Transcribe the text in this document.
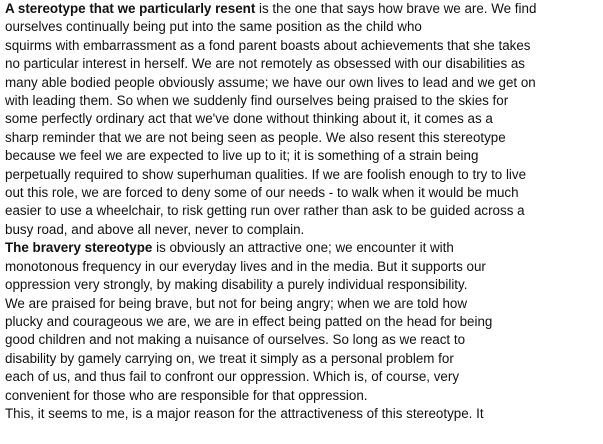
A stereotype that we particularly resent is the one that says how brave we are. We find

ourselves continually being put into the same position as the child who

squirms with embarrassment as a fond parent boasts about achievements that she takes

no particular interest in herself. We are not remotely as obsessed with our disabilities as

many able bodied people obviously assume; we have our own lives to lead and we get on

with leading them. So when we suddenly find ourselves being praised to the skies for

some perfectly ordinary act that we've done without thinking about it, it comes as a

sharp reminder that we are not being seen as people. We also resent this stereotype

because we feel we are expected to live up to it; it is something of a strain being

perpetually required to show superhuman qualities. If we are foolish enough to try to live

out this role, we are forced to deny some of our needs - to walk when it would be much

easier to use a wheelchair, to risk getting run over rather than ask to be guided across a

busy road, and above all never, never to complain.

The bravery stereotype is obviously an attractive one; we encounter it with

monotonous frequency in our everyday lives and in the media. But it supports our

oppression very strongly, by making disability a purely individual responsibility.

We are praised for being brave, but not for being angry; when we are told how

plucky and courageous we are, we are in effect being patted on the head for being

good children and not making a nuisance of ourselves. So long as we react to

disability by gamely carrying on, we treat it simply as a personal problem for

each of us, and thus fail to confront our oppression. Which is, of course, very

convenient for those who are responsible for that oppression.

This, it seems to me, is a major reason for the attractiveness of this stereotype. It
